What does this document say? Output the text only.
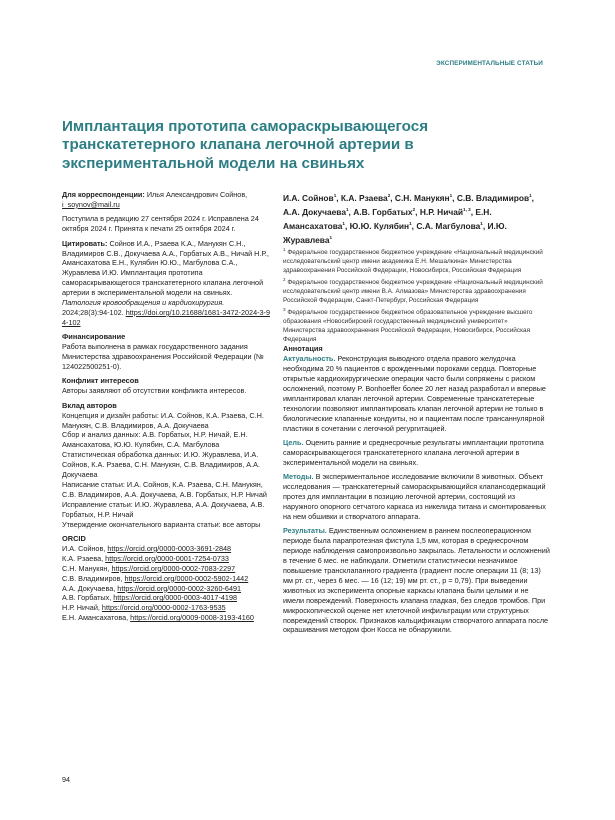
ЭКСПЕРИМЕНТАЛЬНЫЕ СТАТЬИ
Имплантация прототипа самораскрывающегося транскатетерного клапана легочной артерии в экспериментальной модели на свиньях

Для корреспонденции: Илья Александрович Сойнов, i_soynov@mail.ru

Поступила в редакцию 27 сентября 2024 г. Исправлена 24 октября 2024 г. Принята к печати 25 октября 2024 г.

Цитировать: Сойнов И.А., Рзаева К.А., Манукян С.Н., Владимиров С.В., Докучаева А.А., Горбатых А.В., Ничай Н.Р., Амансахатова Е.Н., Кулябин Ю.Ю., Магбулова С.А., Журавлева И.Ю. Имплантация прототипа самораскрывающегося транскатетерного клапана легочной артерии в экспериментальной модели на свиньях. Патология кровообращения и кардиохирургия. 2024;28(3):94-102. https://doi.org/10.21688/1681-3472-2024-3-94-102

Финансирование

Работа выполнена в рамках государственного задания Министерства здравоохранения Российской Федерации (№ 124022500251-0).

Конфликт интересов

Авторы заявляют об отсутствии конфликта интересов.

Вклад авторов

Концепция и дизайн работы: И.А. Сойнов, К.А. Рзаева, С.Н. Манукян, С.В. Владимиров, А.А. Докучаева

Сбор и анализ данных: А.В. Горбатых, Н.Р. Ничай, Е.Н. Амансахатова, Ю.Ю. Кулябин, С.А. Магбулова

Статистическая обработка данных: И.Ю. Журавлева, И.А. Сойнов, К.А. Рзаева, С.Н. Манукян, С.В. Владимиров, А.А. Докучаева

Написание статьи: И.А. Сойнов, К.А. Рзаева, С.Н. Манукян, С.В. Владимиров, А.А. Докучаева, А.В. Горбатых, Н.Р. Ничай

Исправление статьи: И.Ю. Журавлева, А.А. Докучаева, А.В. Горбатых, Н.Р. Ничай

Утверждение окончательного варианта статьи: все авторы

ORCID

И.А. Сойнов, https://orcid.org/0000-0003-3691-2848

К.А. Рзаева, https://orcid.org/0000-0001-7254-0733

С.Н. Манукян, https://orcid.org/0000-0002-7083-2297

С.В. Владимиров, https://orcid.org/0000-0002-5902-1442

А.А. Докучаева, https://orcid.org/0000-0002-3260-6491

А.В. Горбатых, https://orcid.org/0000-0003-4017-4198

Н.Р. Ничай, https://orcid.org/0000-0002-1763-9535

Е.Н. Амансахатова, https://orcid.org/0009-0008-3193-4160

И.А. Сойнов$^1$, К.А. Рзаева$^2$, С.Н. Манукян$^1$, С.В. Владимиров$^1$, А.А. Докучаева$^1$, А.В. Горбатых$^2$, Н.Р. Ничай$^{1, 3}$, Е.Н. Амансахатова$^1$, Ю.Ю. Кулябин$^1$, С.А. Магбулова$^1$, И.Ю. Журавлева$^1$

$^1$ Федеральное государственное бюджетное учреждение «Национальный медицинский исследовательский центр имени академика Е.Н. Мешалкина» Министерства здравоохранения Российской Федерации, Новосибирск, Российская Федерация

$^2$ Федеральное государственное бюджетное учреждение «Национальный медицинский исследовательский центр имени В.А. Алмазова» Министерства здравоохранения Российской Федерации, Санкт-Петербург, Российская Федерация

$^3$ Федеральное государственное бюджетное образовательное учреждение высшего образования «Новосибирский государственный медицинский университет» Министерства здравоохранения Российской Федерации, Новосибирск, Российская Федерация

Аннотация

Актуальность. Реконструкция выводного отдела правого желудочка необходима 20 % пациентов с врожденными пороками сердца. Повторные открытые кардиохирургические операции часто были сопряжены с риском осложнений, поэтому P. Bonhoeffer более 20 лет назад разработал и впервые имплантировал клапан легочной артерии. Современные транскатетерные технологии позволяют имплантировать клапан легочной артерии не только в биологические клапанные кондуиты, но и пациентам после трансаннулярной пластики в сочетании с легочной регургитацией.

Цель. Оценить ранние и среднесрочные результаты имплантации прототипа самораскрывающегося транскатетерного клапана легочной артерии в экспериментальной модели на свиньях.

Методы. В экспериментальное исследование включили 8 животных. Объект исследования — транскатетерный самораскрывающийся клапансодержащий протез для имплантации в позицию легочной артерии, состоящий из наружного опорного сетчатого каркаса из никелида титана и смонтированных на нем обшивки и створчатого аппарата.

Результаты. Единственным осложнением в раннем послеоперационном периоде была парапротезная фистула 1,5 мм, которая в среднесрочном периоде наблюдения самопроизвольно закрылась. Летальности и осложнений в течение 6 мес. не наблюдали. Отметили статистически незначимое повышение трансклапанного градиента (градиент после операции 11 (8; 13) мм рт. ст., через 6 мес. — 16 (12; 19) мм рт. ст., p = 0,79). При выведении животных из эксперимента опорные каркасы клапана были целыми и не имели повреждений. Поверхность клапана гладкая, без следов тромбов. При микроскопической оценке нет клеточной инфильтрации или структурных повреждений створок. Признаков кальцификации створчатого аппарата после окрашивания методом фон Косса не обнаружили.

94
